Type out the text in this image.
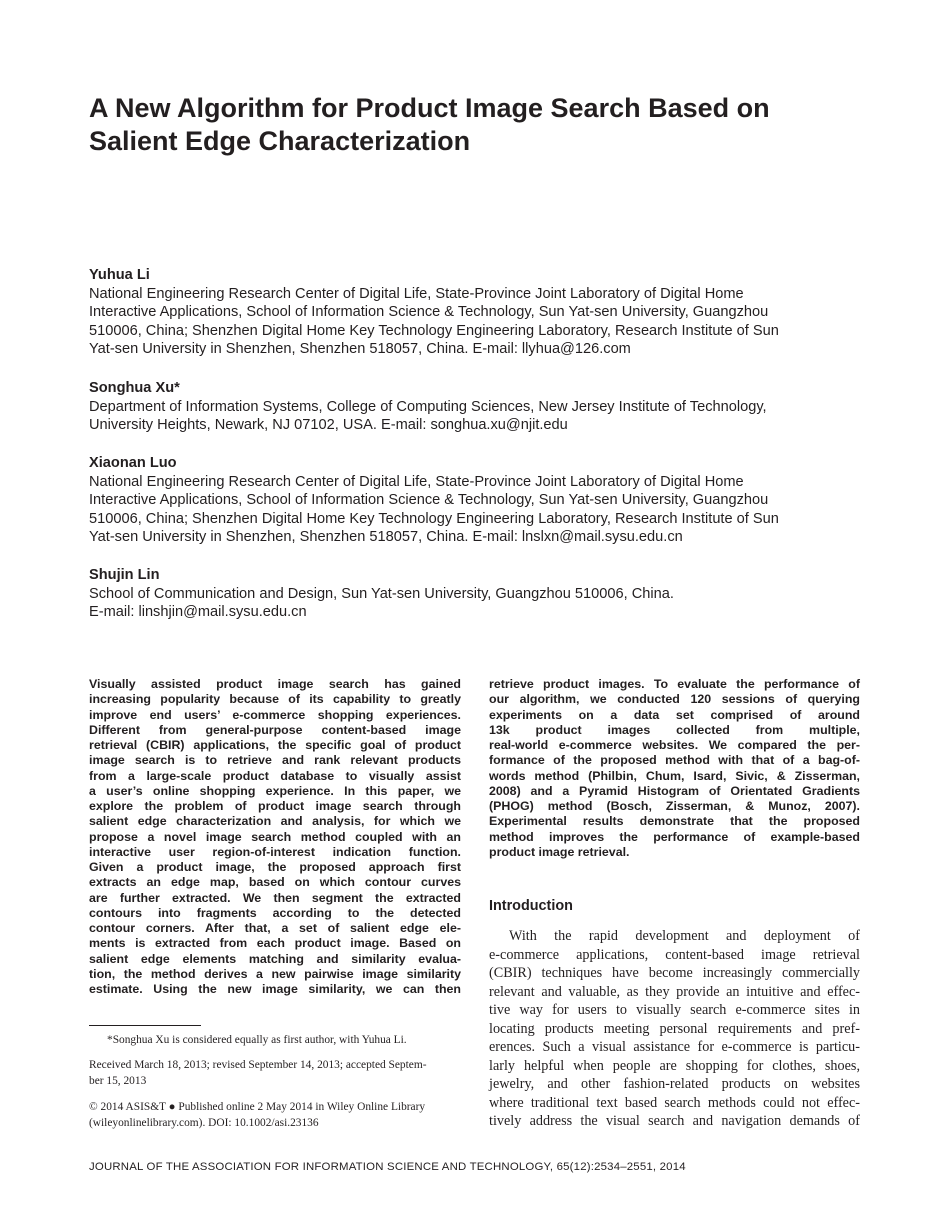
A New Algorithm for Product Image Search Based on
Salient Edge Characterization
Yuhua Li
National Engineering Research Center of Digital Life, State-Province Joint Laboratory of Digital Home
Interactive Applications, School of Information Science & Technology, Sun Yat-sen University, Guangzhou
510006, China; Shenzhen Digital Home Key Technology Engineering Laboratory, Research Institute of Sun
Yat-sen University in Shenzhen, Shenzhen 518057, China. E-mail: llyhua@126.com
Songhua Xu*
Department of Information Systems, College of Computing Sciences, New Jersey Institute of Technology,
University Heights, Newark, NJ 07102, USA. E-mail: songhua.xu@njit.edu
Xiaonan Luo
National Engineering Research Center of Digital Life, State-Province Joint Laboratory of Digital Home
Interactive Applications, School of Information Science & Technology, Sun Yat-sen University, Guangzhou
510006, China; Shenzhen Digital Home Key Technology Engineering Laboratory, Research Institute of Sun
Yat-sen University in Shenzhen, Shenzhen 518057, China. E-mail: lnslxn@mail.sysu.edu.cn
Shujin Lin
School of Communication and Design, Sun Yat-sen University, Guangzhou 510006, China.
E-mail: linshjin@mail.sysu.edu.cn
Visually assisted product image search has gained
increasing popularity because of its capability to greatly
improve end users’ e-commerce shopping experiences.
Different from general-purpose content-based image
retrieval (CBIR) applications, the specific goal of product
image search is to retrieve and rank relevant products
from a large-scale product database to visually assist
a user’s online shopping experience. In this paper, we
explore the problem of product image search through
salient edge characterization and analysis, for which we
propose a novel image search method coupled with an
interactive user region-of-interest indication function.
Given a product image, the proposed approach first
extracts an edge map, based on which contour curves
are further extracted. We then segment the extracted
contours into fragments according to the detected
contour corners. After that, a set of salient edge ele-
ments is extracted from each product image. Based on
salient edge elements matching and similarity evalua-
tion, the method derives a new pairwise image similarity
estimate. Using the new image similarity, we can then
retrieve product images. To evaluate the performance of
our algorithm, we conducted 120 sessions of querying
experiments on a data set comprised of around
13k product images collected from multiple,
real-world e-commerce websites. We compared the per-
formance of the proposed method with that of a bag-of-
words method (Philbin, Chum, Isard, Sivic, & Zisserman,
2008) and a Pyramid Histogram of Orientated Gradients
(PHOG) method (Bosch, Zisserman, & Munoz, 2007).
Experimental results demonstrate that the proposed
method improves the performance of example-based
product image retrieval.
*Songhua Xu is considered equally as first author, with Yuhua Li.
Received March 18, 2013; revised September 14, 2013; accepted Septem-
ber 15, 2013
© 2014 ASIS&T ● Published online 2 May 2014 in Wiley Online Library
(wileyonlinelibrary.com). DOI: 10.1002/asi.23136
Introduction
With the rapid development and deployment of
e-commerce applications, content-based image retrieval
(CBIR) techniques have become increasingly commercially
relevant and valuable, as they provide an intuitive and effec-
tive way for users to visually search e-commerce sites in
locating products meeting personal requirements and pref-
erences. Such a visual assistance for e-commerce is particu-
larly helpful when people are shopping for clothes, shoes,
jewelry, and other fashion-related products on websites
where traditional text based search methods could not effec-
tively address the visual search and navigation demands of
JOURNAL OF THE ASSOCIATION FOR INFORMATION SCIENCE AND TECHNOLOGY, 65(12):2534–2551, 2014
